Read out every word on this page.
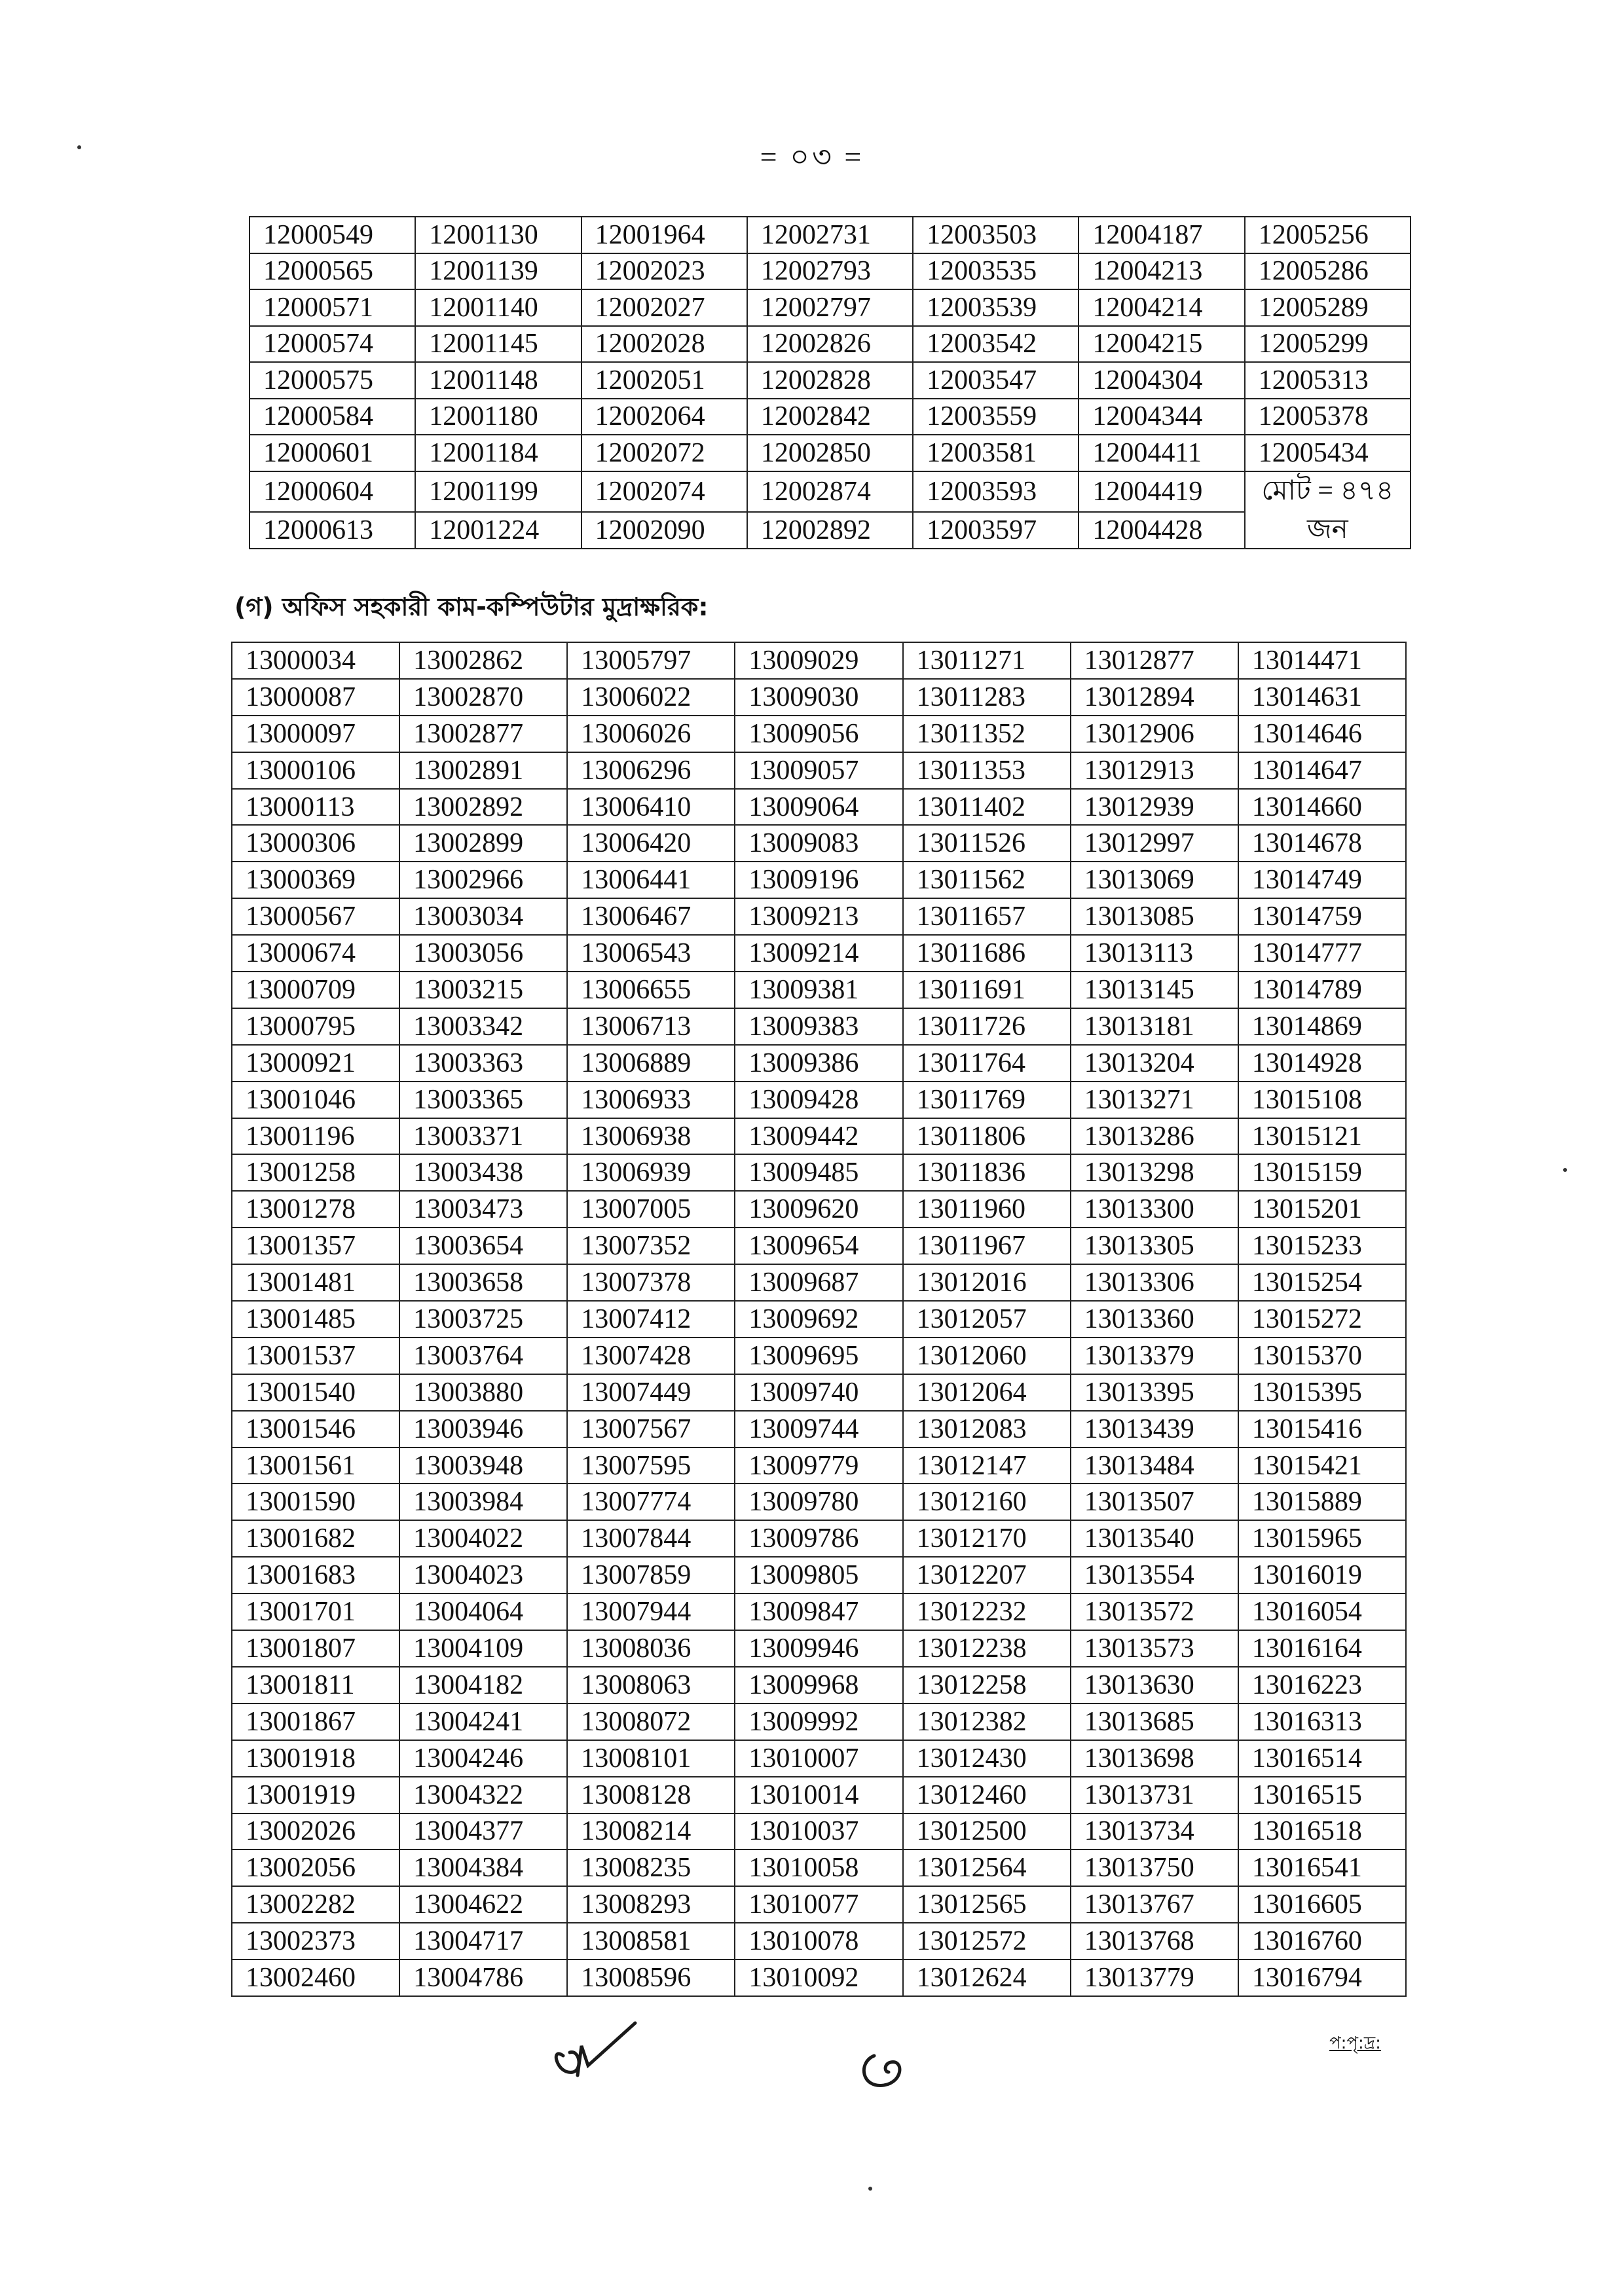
= ০৩ =
12000549	12001130	12001964	12002731	12003503	12004187	12005256
12000565	12001139	12002023	12002793	12003535	12004213	12005286
12000571	12001140	12002027	12002797	12003539	12004214	12005289
12000574	12001145	12002028	12002826	12003542	12004215	12005299
12000575	12001148	12002051	12002828	12003547	12004304	12005313
12000584	12001180	12002064	12002842	12003559	12004344	12005378
12000601	12001184	12002072	12002850	12003581	12004411	12005434
12000604	12001199	12002074	12002874	12003593	12004419	মোট = ৪৭৪
12000613	12001224	12002090	12002892	12003597	12004428	জন
(গ) অফিস সহকারী কাম-কম্পিউটার মুদ্রাক্ষরিক:
13000034	13002862	13005797	13009029	13011271	13012877	13014471
13000087	13002870	13006022	13009030	13011283	13012894	13014631
13000097	13002877	13006026	13009056	13011352	13012906	13014646
13000106	13002891	13006296	13009057	13011353	13012913	13014647
13000113	13002892	13006410	13009064	13011402	13012939	13014660
13000306	13002899	13006420	13009083	13011526	13012997	13014678
13000369	13002966	13006441	13009196	13011562	13013069	13014749
13000567	13003034	13006467	13009213	13011657	13013085	13014759
13000674	13003056	13006543	13009214	13011686	13013113	13014777
13000709	13003215	13006655	13009381	13011691	13013145	13014789
13000795	13003342	13006713	13009383	13011726	13013181	13014869
13000921	13003363	13006889	13009386	13011764	13013204	13014928
13001046	13003365	13006933	13009428	13011769	13013271	13015108
13001196	13003371	13006938	13009442	13011806	13013286	13015121
13001258	13003438	13006939	13009485	13011836	13013298	13015159
13001278	13003473	13007005	13009620	13011960	13013300	13015201
13001357	13003654	13007352	13009654	13011967	13013305	13015233
13001481	13003658	13007378	13009687	13012016	13013306	13015254
13001485	13003725	13007412	13009692	13012057	13013360	13015272
13001537	13003764	13007428	13009695	13012060	13013379	13015370
13001540	13003880	13007449	13009740	13012064	13013395	13015395
13001546	13003946	13007567	13009744	13012083	13013439	13015416
13001561	13003948	13007595	13009779	13012147	13013484	13015421
13001590	13003984	13007774	13009780	13012160	13013507	13015889
13001682	13004022	13007844	13009786	13012170	13013540	13015965
13001683	13004023	13007859	13009805	13012207	13013554	13016019
13001701	13004064	13007944	13009847	13012232	13013572	13016054
13001807	13004109	13008036	13009946	13012238	13013573	13016164
13001811	13004182	13008063	13009968	13012258	13013630	13016223
13001867	13004241	13008072	13009992	13012382	13013685	13016313
13001918	13004246	13008101	13010007	13012430	13013698	13016514
13001919	13004322	13008128	13010014	13012460	13013731	13016515
13002026	13004377	13008214	13010037	13012500	13013734	13016518
13002056	13004384	13008235	13010058	13012564	13013750	13016541
13002282	13004622	13008293	13010077	13012565	13013767	13016605
13002373	13004717	13008581	13010078	13012572	13013768	13016760
13002460	13004786	13008596	13010092	13012624	13013779	13016794
প:পৃ:দ্র:
